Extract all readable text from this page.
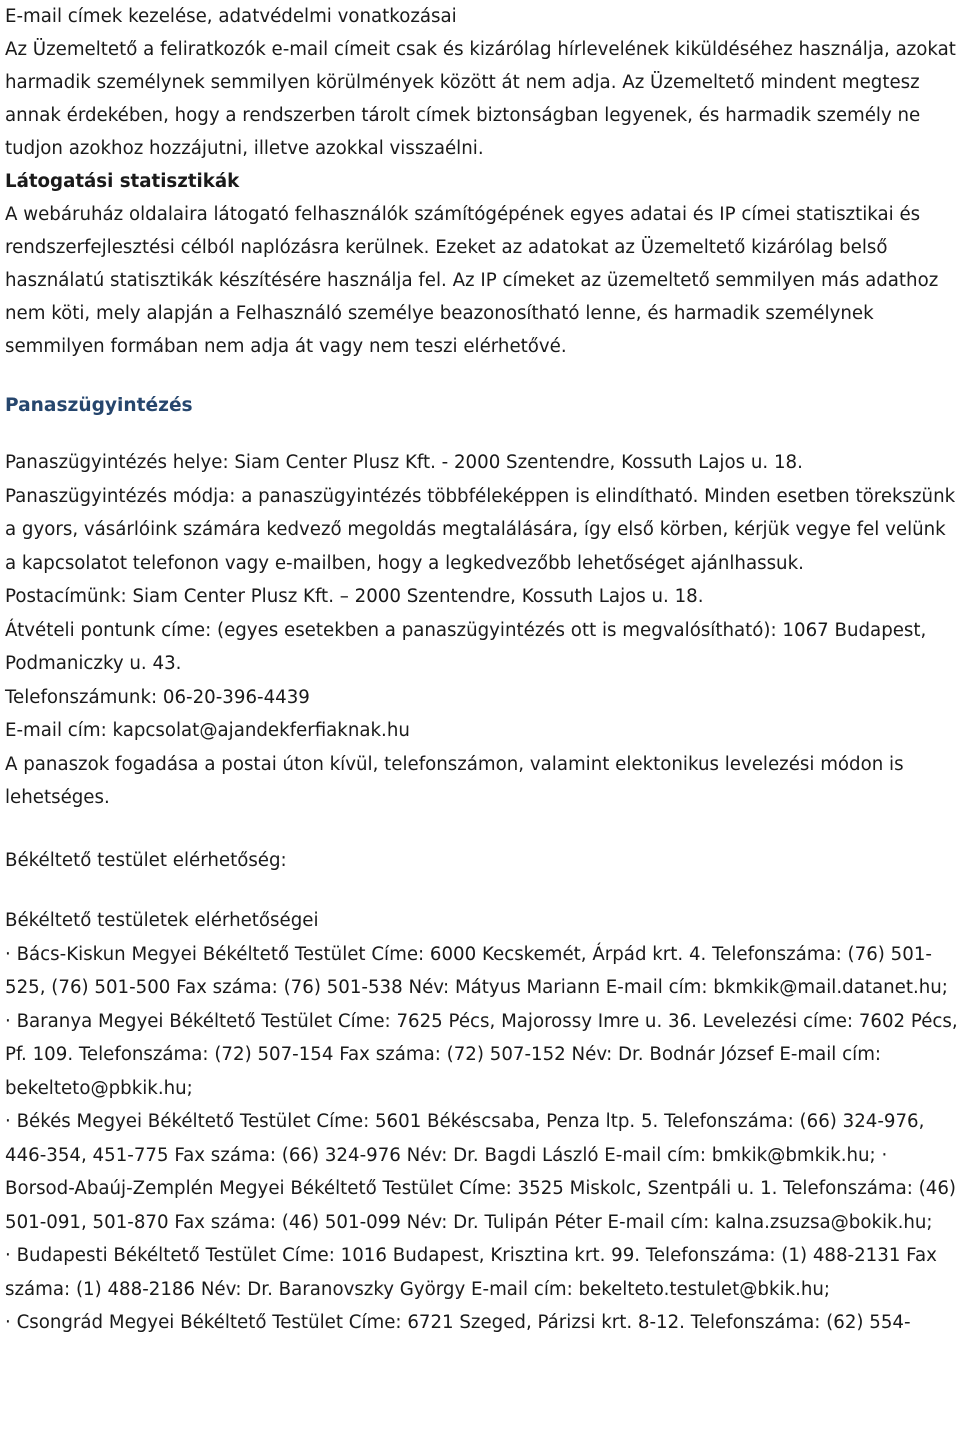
E-mail címek kezelése, adatvédelmi vonatkozásai

Az Üzemeltető a feliratkozók e-mail címeit csak és kizárólag hírlevelének kiküldéséhez használja, azokat harmadik személynek semmilyen körülmények között át nem adja. Az Üzemeltető mindent megtesz annak érdekében, hogy a rendszerben tárolt címek biztonságban legyenek, és harmadik személy ne tudjon azokhoz hozzájutni, illetve azokkal visszaélni.

Látogatási statisztikák

A webáruház oldalaira látogató felhasználók számítógépének egyes adatai és IP címei statisztikai és rendszerfejlesztési célból naplózásra kerülnek. Ezeket az adatokat az Üzemeltető kizárólag belső használatú statisztikák készítésére használja fel. Az IP címeket az üzemeltető semmilyen más adathoz nem köti, mely alapján a Felhasználó személye beazonosítható lenne, és harmadik személynek semmilyen formában nem adja át vagy nem teszi elérhetővé.

Panaszügyintézés

Panaszügyintézés helye: Siam Center Plusz Kft. - 2000 Szentendre, Kossuth Lajos u. 18.

Panaszügyintézés módja: a panaszügyintézés többféleképpen is elindítható. Minden esetben törekszünk a gyors, vásárlóink számára kedvező megoldás megtalálására, így első körben, kérjük vegye fel velünk a kapcsolatot telefonon vagy e-mailben, hogy a legkedvezőbb lehetőséget ajánlhassuk.

Postacímünk: Siam Center Plusz Kft. – 2000 Szentendre, Kossuth Lajos u. 18.

Átvételi pontunk címe: (egyes esetekben a panaszügyintézés ott is megvalósítható): 1067 Budapest, Podmaniczky u. 43.

Telefonszámunk: 06-20-396-4439

E-mail cím: kapcsolat@ajandekferfiaknak.hu

A panaszok fogadása a postai úton kívül, telefonszámon, valamint elektonikus levelezési módon is lehetséges.

Békéltető testület elérhetőség:

Békéltető testületek elérhetőségei

· Bács-Kiskun Megyei Békéltető Testület Címe: 6000 Kecskemét, Árpád krt. 4. Telefonszáma: (76) 501-525, (76) 501-500 Fax száma: (76) 501-538 Név: Mátyus Mariann E-mail cím: bkmkik@mail.datanet.hu;

· Baranya Megyei Békéltető Testület Címe: 7625 Pécs, Majorossy Imre u. 36. Levelezési címe: 7602 Pécs, Pf. 109. Telefonszáma: (72) 507-154 Fax száma: (72) 507-152 Név: Dr. Bodnár József E-mail cím: bekelteto@pbkik.hu;

· Békés Megyei Békéltető Testület Címe: 5601 Békéscsaba, Penza ltp. 5. Telefonszáma: (66) 324-976, 446-354, 451-775 Fax száma: (66) 324-976 Név: Dr. Bagdi László E-mail cím: bmkik@bmkik.hu; · Borsod-Abaúj-Zemplén Megyei Békéltető Testület Címe: 3525 Miskolc, Szentpáli u. 1. Telefonszáma: (46) 501-091, 501-870 Fax száma: (46) 501-099 Név: Dr. Tulipán Péter E-mail cím: kalna.zsuzsa@bokik.hu;

· Budapesti Békéltető Testület Címe: 1016 Budapest, Krisztina krt. 99. Telefonszáma: (1) 488-2131 Fax száma: (1) 488-2186 Név: Dr. Baranovszky György E-mail cím: bekelteto.testulet@bkik.hu;

· Csongrád Megyei Békéltető Testület Címe: 6721 Szeged, Párizsi krt. 8-12. Telefonszáma: (62) 554-
